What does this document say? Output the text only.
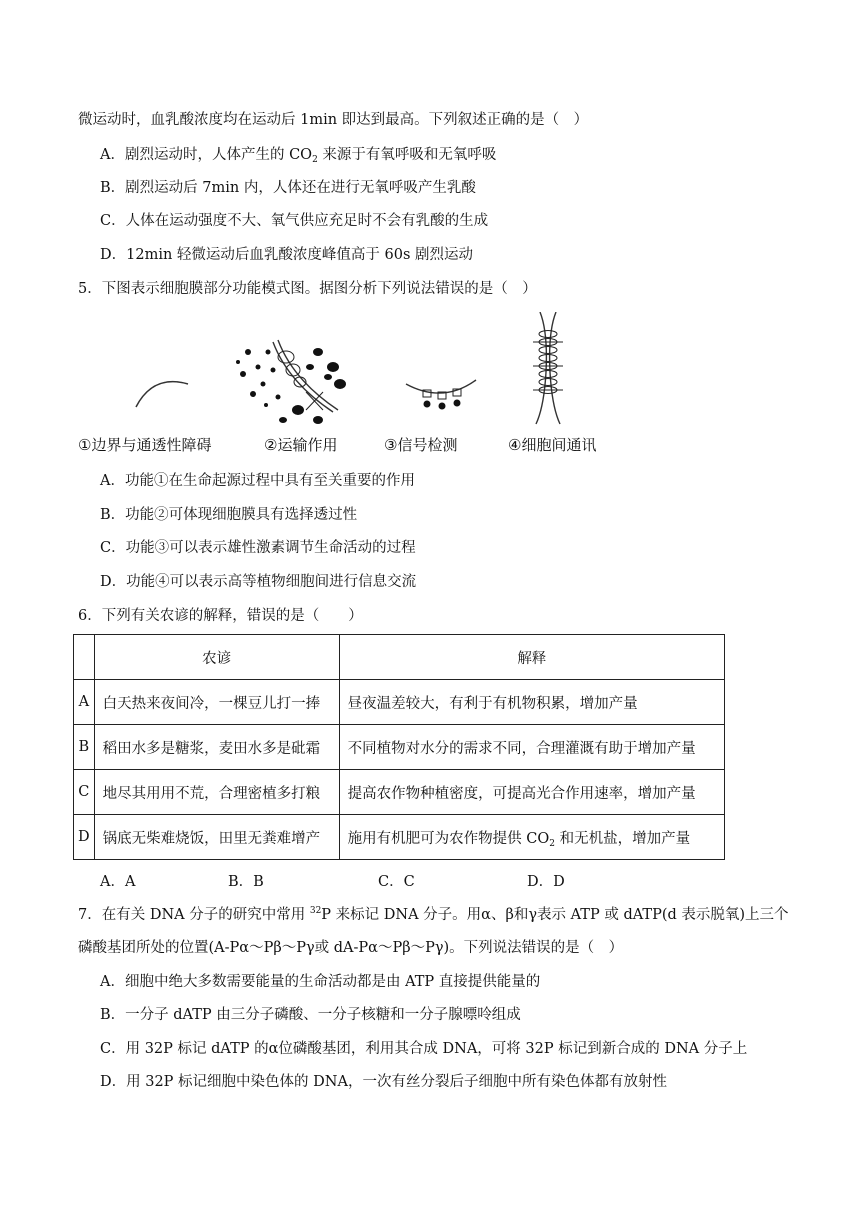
微运动时，血乳酸浓度均在运动后 1min 即达到最高。下列叙述正确的是（　）
A．剧烈运动时，人体产生的 $CO_2$ 来源于有氧呼吸和无氧呼吸
B．剧烈运动后 7min 内，人体还在进行无氧呼吸产生乳酸
C．人体在运动强度不大、氧气供应充足时不会有乳酸的生成
D．12min 轻微运动后血乳酸浓度峰值高于 60s 剧烈运动
5．下图表示细胞膜部分功能模式图。据图分析下列说法错误的是（　）
①边界与通透性障碍	②运输作用	③信号检测	④细胞间通讯
A．功能①在生命起源过程中具有至关重要的作用
B．功能②可体现细胞膜具有选择透过性
C．功能③可以表示雄性激素调节生命活动的过程
D．功能④可以表示高等植物细胞间进行信息交流
6．下列有关农谚的解释，错误的是（　　）
	农谚	解释
A	白天热来夜间冷，一棵豆儿打一捧	昼夜温差较大，有利于有机物积累，增加产量
B	稻田水多是糖浆，麦田水多是砒霜	不同植物对水分的需求不同，合理灌溉有助于增加产量
C	地尽其用用不荒，合理密植多打粮	提高农作物种植密度，可提高光合作用速率，增加产量
D	锅底无柴难烧饭，田里无粪难增产	施用有机肥可为农作物提供 $CO_2$ 和无机盐，增加产量
A．A	B．B	C．C	D．D
7．在有关 DNA 分子的研究中常用 $^{32}$P 来标记 DNA 分子。用α、β和γ表示 ATP 或 dATP(d 表示脱氧)上三个
磷酸基团所处的位置(A-Pα～Pβ～Pγ或 dA-Pα～Pβ～Pγ)。下列说法错误的是（　）
A．细胞中绝大多数需要能量的生命活动都是由 ATP 直接提供能量的
B．一分子 dATP 由三分子磷酸、一分子核糖和一分子腺嘌呤组成
C．用 32P 标记 dATP 的α位磷酸基团，利用其合成 DNA，可将 32P 标记到新合成的 DNA 分子上
D．用 32P 标记细胞中染色体的 DNA，一次有丝分裂后子细胞中所有染色体都有放射性
